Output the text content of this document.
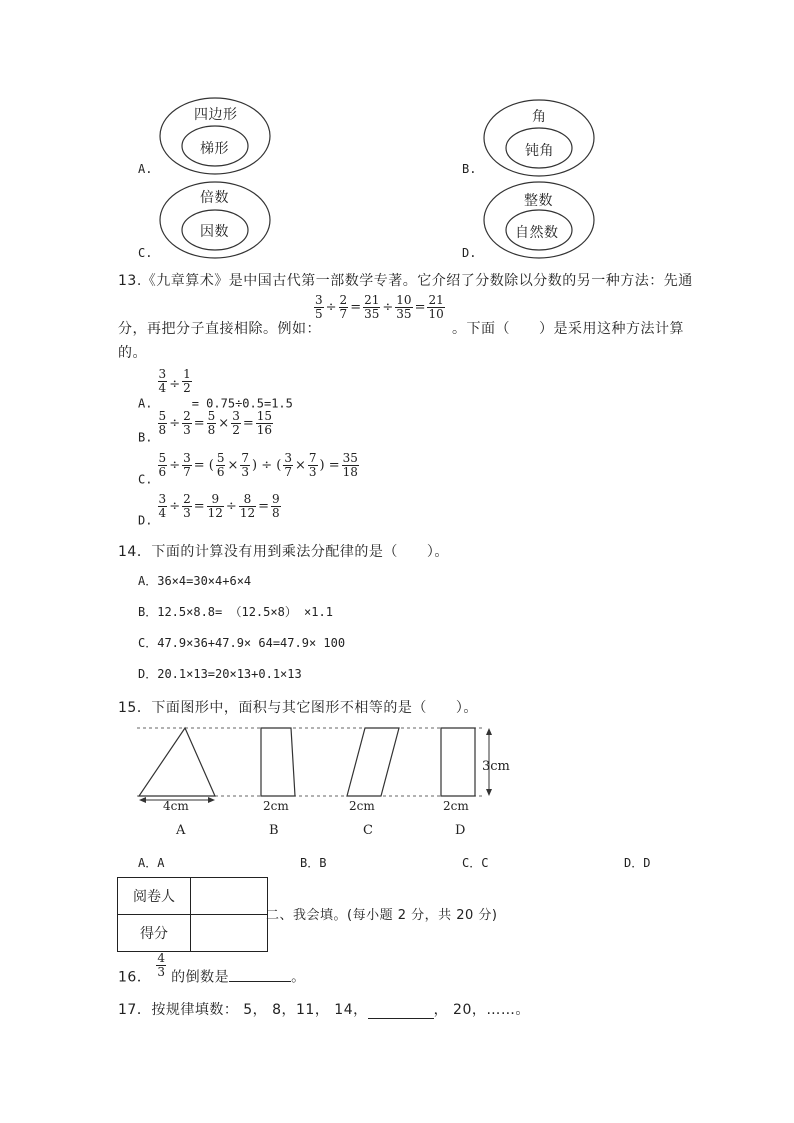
A.
四边形
梯形
B.
角
钝角
C.
倍数
因数
D.
整数
自然数
13.《九章算术》是中国古代第一部数学专著。它介绍了分数除以分数的另一种方法：先通
$\frac{3}{5} \div \frac{2}{7} = \frac{21}{35} \div \frac{10}{35} = \frac{21}{10}$
分，再把分子直接相除。例如：	。下面（　　）是采用这种方法计算
的。
$_{A.}$
$\frac{3}{4} \div \frac{1}{2}$
$_{= 0.75\div 0.5=1.5}$
$_{B.}$
$\frac{5}{8} \div \frac{2}{3} = \frac{5}{8} \times \frac{3}{2} = \frac{15}{16}$
$_{C.}$
$\frac{5}{6} \div \frac{3}{7}$ = ( $\frac{5}{6} \times \frac{7}{3}$ ) ÷ ( $\frac{3}{7} \times \frac{7}{3}$ ) = $\frac{35}{18}$
$_{D.}$
$\frac{3}{4} \div \frac{2}{3} = \frac{9}{12} \div \frac{8}{12} = \frac{9}{8}$
14．下面的计算没有用到乘法分配律的是（　　）。
A．36×4=30×4+6×4
B．12.5×8.8= （12.5×8） ×1.1
C．47.9×36+47.9× 64=47.9× 100
D．20.1×13=20×13+0.1×13
15．下面图形中，面积与其它图形不相等的是（　　）。
4cm	2cm	2cm	2cm
3cm
A	B	C	D
A．A	B．B	C．C	D．D
阅卷人	
得分	
二、我会填。(每小题 2 分，共 20 分)
16． $\frac{4}{3}$ 的倒数是	。
17．按规律填数： 5， 8，11， 14，	， 20，……。
